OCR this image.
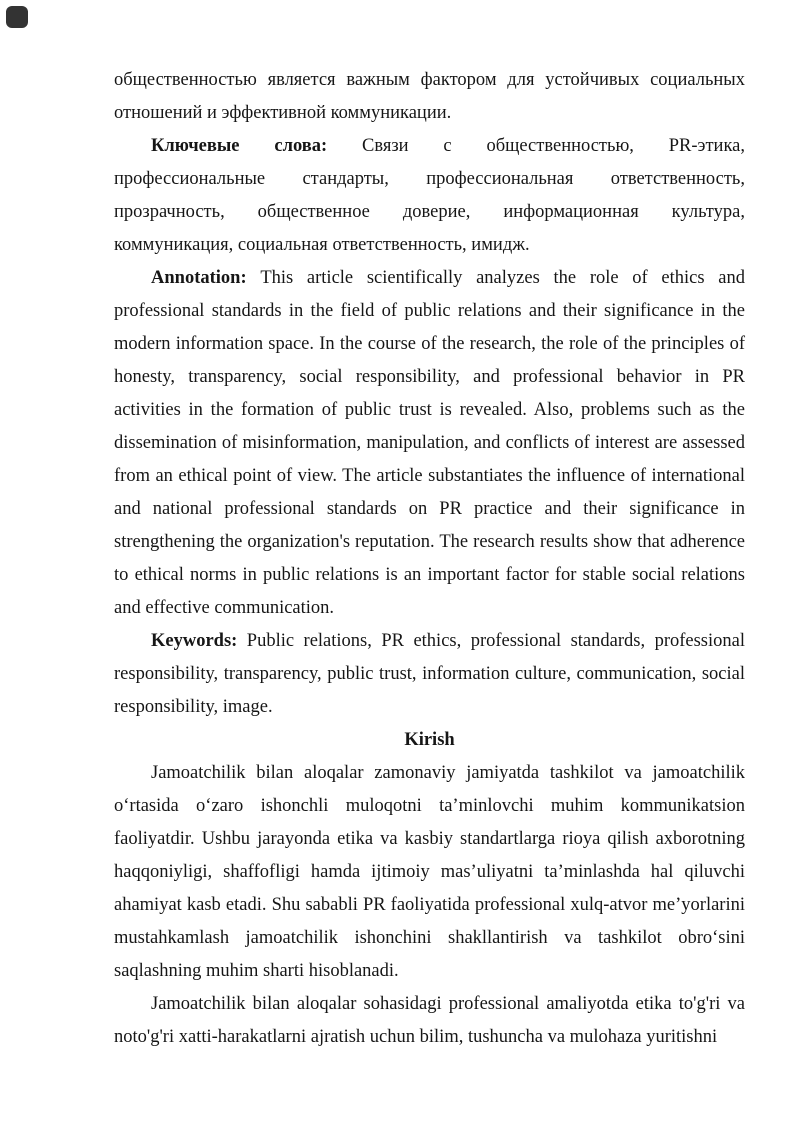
общественностью является важным фактором для устойчивых социальных отношений и эффективной коммуникации.

Ключевые слова: Связи с общественностью, PR-этика, профессиональные стандарты, профессиональная ответственность, прозрачность, общественное доверие, информационная культура, коммуникация, социальная ответственность, имидж.

Annotation: This article scientifically analyzes the role of ethics and professional standards in the field of public relations and their significance in the modern information space. In the course of the research, the role of the principles of honesty, transparency, social responsibility, and professional behavior in PR activities in the formation of public trust is revealed. Also, problems such as the dissemination of misinformation, manipulation, and conflicts of interest are assessed from an ethical point of view. The article substantiates the influence of international and national professional standards on PR practice and their significance in strengthening the organization's reputation. The research results show that adherence to ethical norms in public relations is an important factor for stable social relations and effective communication.

Keywords: Public relations, PR ethics, professional standards, professional responsibility, transparency, public trust, information culture, communication, social responsibility, image.

Kirish

Jamoatchilik bilan aloqalar zamonaviy jamiyatda tashkilot va jamoatchilik oʻrtasida oʻzaro ishonchli muloqotni ta’minlovchi muhim kommunikatsion faoliyatdir. Ushbu jarayonda etika va kasbiy standartlarga rioya qilish axborotning haqqoniyligi, shaffofligi hamda ijtimoiy mas’uliyatni ta’minlashda hal qiluvchi ahamiyat kasb etadi. Shu sababli PR faoliyatida professional xulq-atvor me’yorlarini mustahkamlash jamoatchilik ishonchini shakllantirish va tashkilot obroʻsini saqlashning muhim sharti hisoblanadi.

Jamoatchilik bilan aloqalar sohasidagi professional amaliyotda etika to'g'ri va noto'g'ri xatti-harakatlarni ajratish uchun bilim, tushuncha va mulohaza yuritishni
